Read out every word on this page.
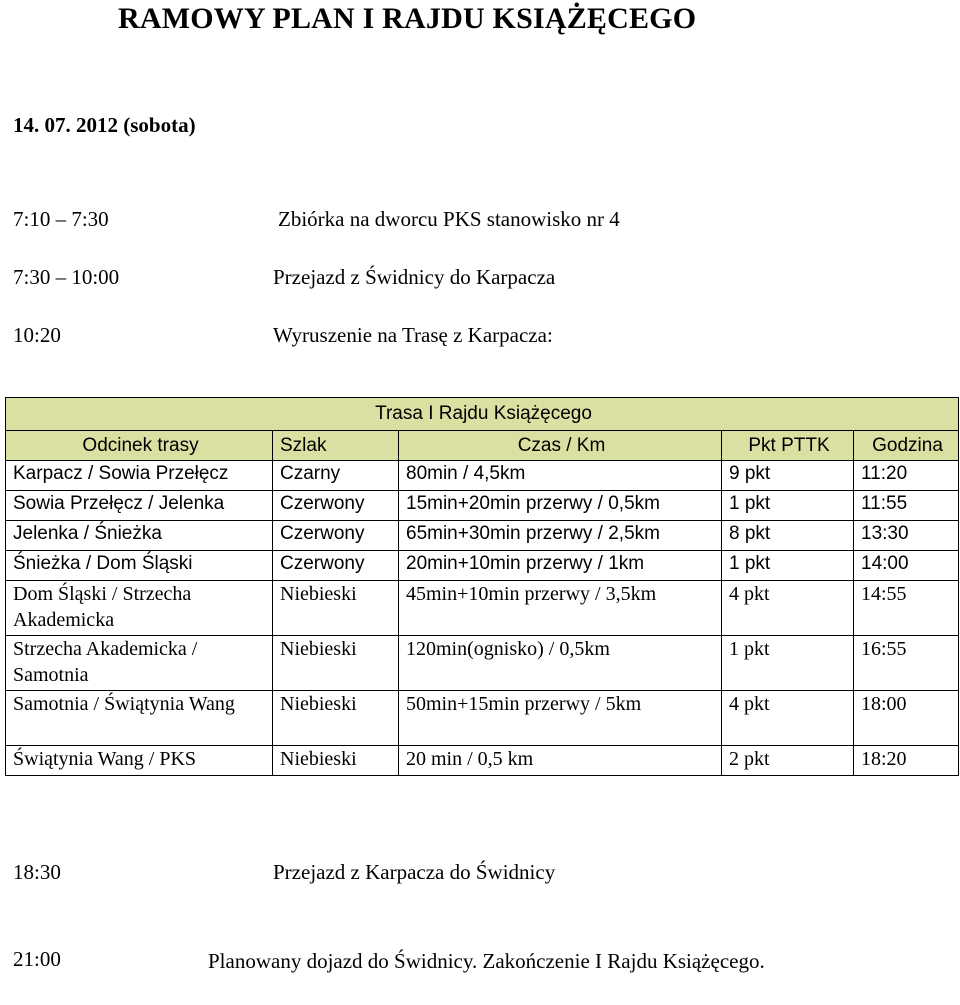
RAMOWY PLAN I RAJDU KSIĄŻĘCEGO
14. 07. 2012 (sobota)
7:10 – 7:30	Zbiórka na dworcu PKS stanowisko nr 4
7:30 – 10:00	Przejazd z Świdnicy do Karpacza
10:20	Wyruszenie na Trasę z Karpacza:
Trasa I Rajdu Książęcego				
Odcinek trasy	Szlak	Czas / Km	Pkt PTTK	Godzina
Karpacz / Sowia Przełęcz	Czarny	80min / 4,5km	9 pkt	11:20
Sowia Przełęcz / Jelenka	Czerwony	15min+20min przerwy / 0,5km	1 pkt	11:55
Jelenka / Śnieżka	Czerwony	65min+30min przerwy / 2,5km	8 pkt	13:30
Śnieżka / Dom Śląski	Czerwony	20min+10min przerwy / 1km	1 pkt	14:00
Dom Śląski / Strzecha Akademicka	Niebieski	45min+10min przerwy / 3,5km	4 pkt	14:55
Strzecha Akademicka / Samotnia	Niebieski	120min(ognisko) / 0,5km	1 pkt	16:55
Samotnia / Świątynia Wang	Niebieski	50min+15min przerwy / 5km	4 pkt	18:00
Świątynia Wang / PKS	Niebieski	20 min / 0,5 km	2 pkt	18:20
18:30	Przejazd z Karpacza do Świdnicy
21:00	Planowany dojazd do Świdnicy. Zakończenie I Rajdu Książęcego.
